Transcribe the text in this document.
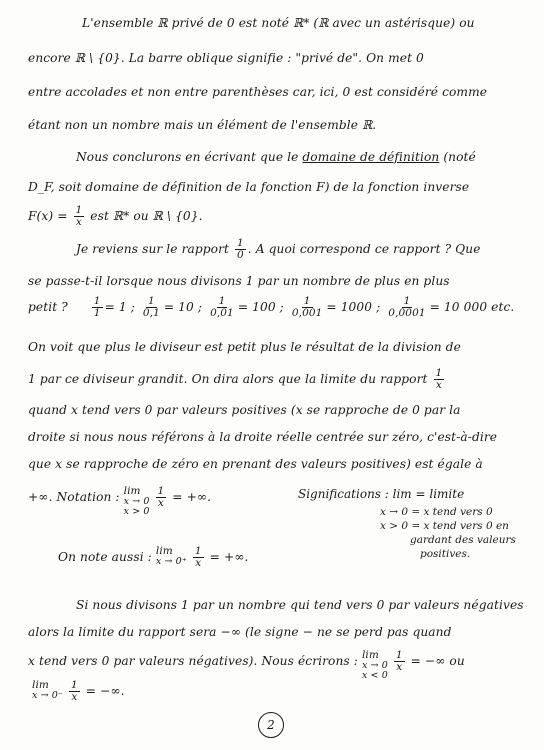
L'ensemble ℝ privé de 0 est noté ℝ* (ℝ avec un astérisque) ou
encore ℝ \ {0}. La barre oblique signifie : "privé de". On met 0
entre accolades et non entre parenthèses car, ici, 0 est considéré comme
étant non un nombre mais un élément de l'ensemble ℝ.
Nous conclurons en écrivant que le domaine de définition (noté
D_F, soit domaine de définition de la fonction F) de la fonction inverse
$F(x) = \frac{1}{x}$ est ℝ* ou ℝ \ {0}.
Je reviens sur le rapport $\frac{1}{0}$ . A quoi correspond ce rapport ? Que
se passe-t-il lorsque nous divisons 1 par un nombre de plus en plus
petit ? $\frac{1}{1} = 1$ ; $\frac{1}{0,1} = 10$ ; $\frac{1}{0,01} = 100$ ; $\frac{1}{0,001} = 1000$ ; $\frac{1}{0,0001} = 10$ 000 etc.
On voit que plus le diviseur est petit plus le résultat de la division de
1 par ce diviseur grandit. On dira alors que la limite du rapport $\frac{1}{x}$
quand x tend vers 0 par valeurs positives (x se rapproche de 0 par la
droite si nous nous référons à la droite réelle centrée sur zéro, c'est-à-dire
que x se rapproche de zéro en prenant des valeurs positives) est égale à
+∞. Notation : lim
x → 0
x > 0

$\frac{1}{x}$ = +∞.	Significations : lim = limite
x → 0 = x tend vers 0
x > 0 = x tend vers 0 en
gardant des valeurs
positives.
On note aussi : lim
x → 0⁺
$\frac{1}{x}$ = +∞.
Si nous divisons 1 par un nombre qui tend vers 0 par valeurs négatives
alors la limite du rapport sera −∞ (le signe − ne se perd pas quand
x tend vers 0 par valeurs négatives). Nous écrirons : lim
x → 0
x < 0

$\frac{1}{x}$ = −∞ ou
lim
x → 0⁻
$\frac{1}{x}$ = −∞.
2
